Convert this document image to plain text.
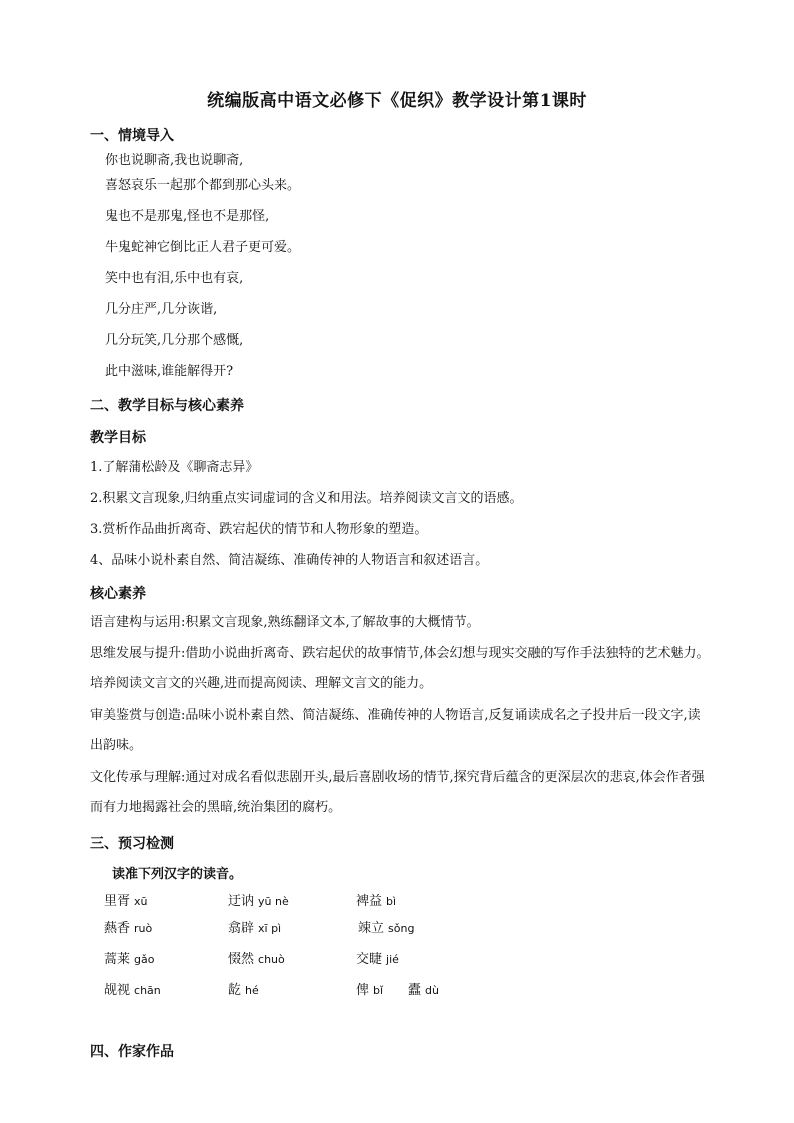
统编版高中语文必修下《促织》教学设计第1课时
一、情境导入
你也说聊斋,我也说聊斋,
喜怒哀乐一起那个都到那心头来。
鬼也不是那鬼,怪也不是那怪,
牛鬼蛇神它倒比正人君子更可爱。
笑中也有泪,乐中也有哀,
几分庄严,几分诙谐,
几分玩笑,几分那个感慨,
此中滋味,谁能解得开?
二、教学目标与核心素养
教学目标
1.了解蒲松龄及《聊斋志异》
2.积累文言现象,归纳重点实词虚词的含义和用法。培养阅读文言文的语感。
3.赏析作品曲折离奇、跌宕起伏的情节和人物形象的塑造。
4、品味小说朴素自然、简洁凝练、准确传神的人物语言和叙述语言。
核心素养
语言建构与运用:积累文言现象,熟练翻译文本,了解故事的大概情节。
思维发展与提升:借助小说曲折离奇、跌宕起伏的故事情节,体会幻想与现实交融的写作手法独特的艺术魅力。培养阅读文言文的兴趣,进而提高阅读、理解文言文的能力。
审美鉴赏与创造:品味小说朴素自然、简洁凝练、准确传神的人物语言,反复诵读成名之子投井后一段文字,读出韵味。
文化传承与理解:通过对成名看似悲剧开头,最后喜剧收场的情节,探究背后蕴含的更深层次的悲哀,体会作者强而有力地揭露社会的黑暗,统治集团的腐朽。
三、预习检测
读准下列汉字的读音。
里胥 xū	迂讷 yū nè	裨益 bì
爇香 ruò	翕辟 xī pì	竦立 sǒng
蒿莱 gǎo	惙然 chuò	交睫 jié
觇视 chān	龁 hé	俾 bǐ 蠹 dù
四、作家作品
